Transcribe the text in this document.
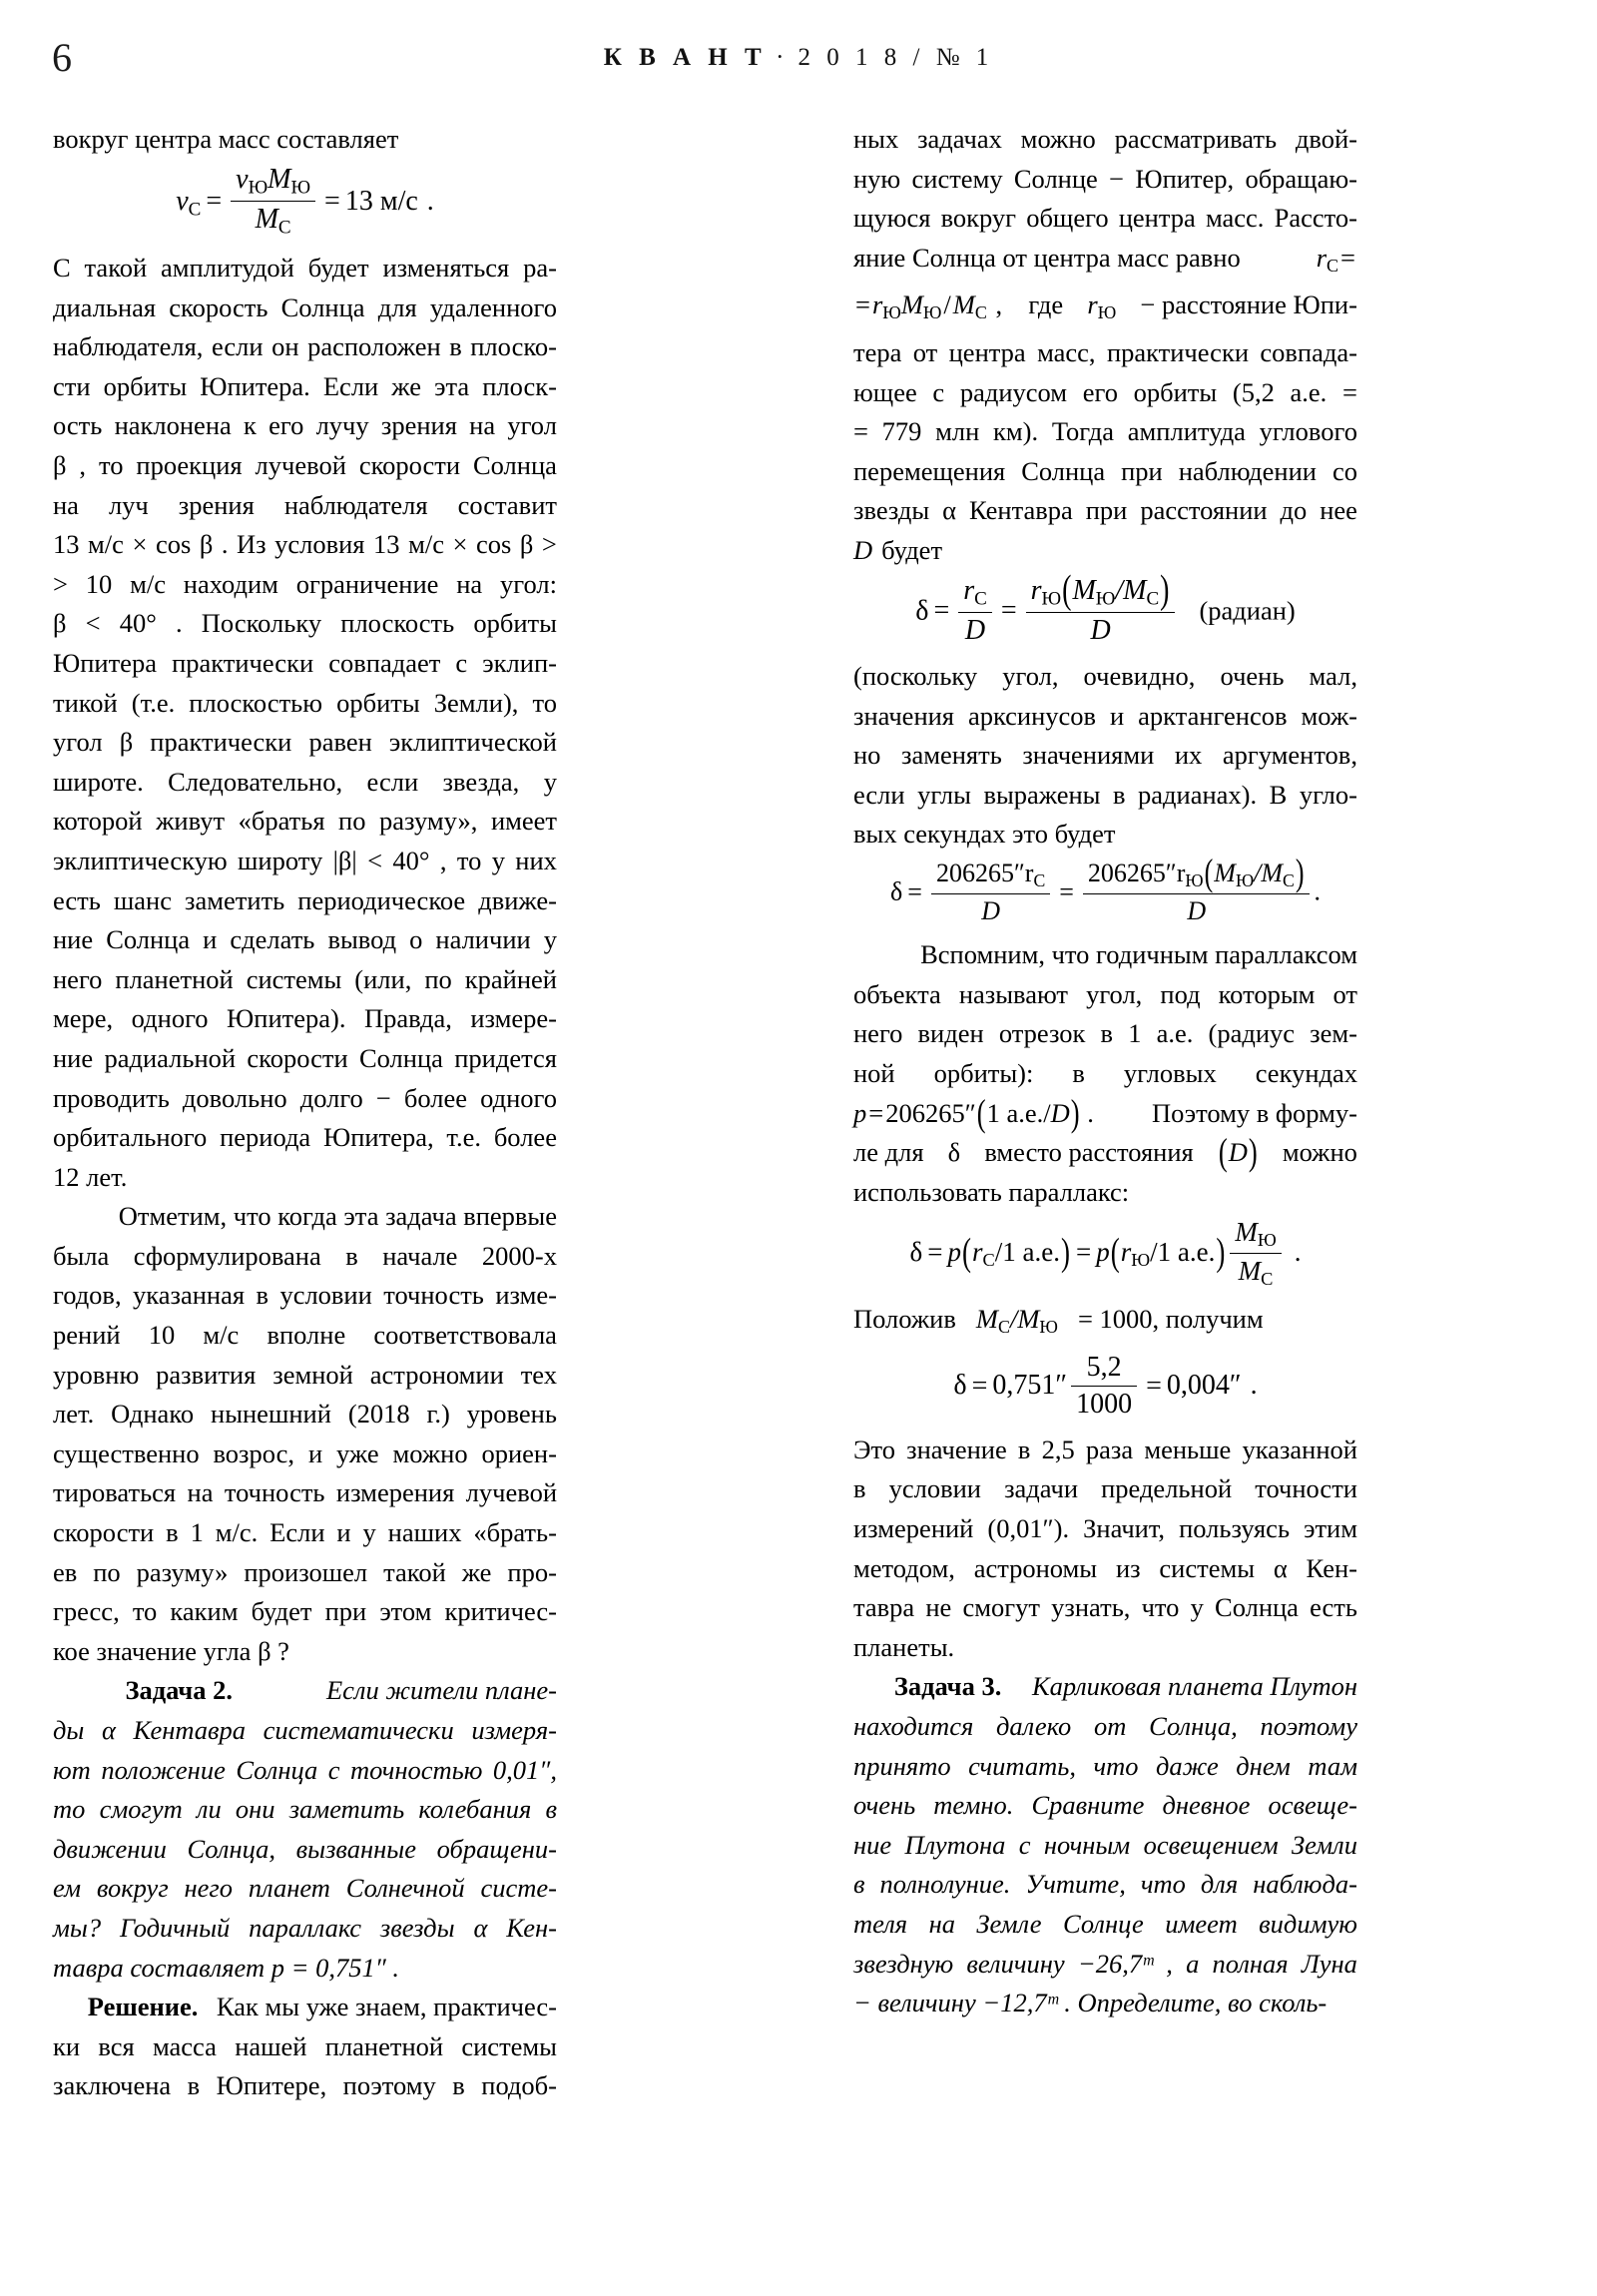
6	К В А Н Т · 2 0 1 8 / № 1

вокруг центра масс составляет

$v_C = \frac{v_ЮM_Ю}{M_C} = 13$ м/с .

С такой амплитудой будет изменяться ра-
диальная скорость Солнца для удаленного
наблюдателя, если он расположен в плоско-
сти орбиты Юпитера. Если же эта плоск-
ость наклонена к его лучу зрения на угол
β , то проекция лучевой скорости Солнца
на луч зрения наблюдателя составит
13 м/с × cos β . Из условия 13 м/с × cos β >
> 10 м/с находим ограничение на угол:
β < 40° . Поскольку плоскость орбиты
Юпитера практически совпадает с эклип-
тикой (т.е. плоскостью орбиты Земли), то
угол β практически равен эклиптической
широте. Следовательно, если звезда, у
которой живут «братья по разуму», имеет
эклиптическую широту |β| < 40° , то у них
есть шанс заметить периодическое движе-
ние Солнца и сделать вывод о наличии у
него планетной системы (или, по крайней
мере, одного Юпитера). Правда, измере-
ние радиальной скорости Солнца придется
проводить довольно долго − более одного
орбитального периода Юпитера, т.е. более
12 лет.

Отметим, что когда эта задача впервые
была сформулирована в начале 2000-х
годов, указанная в условии точность изме-
рений 10 м/с вполне соответствовала
уровню развития земной астрономии тех
лет. Однако нынешний (2018 г.) уровень
существенно возрос, и уже можно ориен-
тироваться на точность измерения лучевой
скорости в 1 м/с. Если и у наших «брать-
ев по разуму» произошел такой же про-
гресс, то каким будет при этом критичес-
кое значение угла β ?

Задача 2.	Если жители плане-
ды α Кентавра систематически измеря-
ют положение Солнца с точностью 0,01″,
то смогут ли они заметить колебания в
движении Солнца, вызванные обращени-
ем вокруг него планет Солнечной систе-
мы? Годичный параллакс звезды α Кен-
тавра составляет p = 0,751″ .

Решение. Как мы уже знаем, практичес-
ки вся масса нашей планетной системы
заключена в Юпитере, поэтому в подоб-

ных задачах можно рассматривать двой-
ную систему Солнце − Юпитер, обращаю-
щуюся вокруг общего центра масс. Рассто-
яние Солнца от центра масс равно	$r_C=$
$=r_ЮM_Ю/M_C$ , где $r_Ю$ − расстояние Юпи-
тера от центра масс, практически совпада-
ющее с радиусом его орбиты (5,2 а.е. =
= 779 млн км). Тогда амплитуда углового
перемещения Солнца при наблюдении со
звезды α Кентавра при расстоянии до нее
D будет

$\delta = \frac{r_C}{D} = \frac{r_Ю(M_Ю/M_C)}{D}$ (радиан)

(поскольку угол, очевидно, очень мал,
значения арксинусов и арктангенсов мож-
но заменять значениями их аргументов,
если углы выражены в радианах). В угло-
вых секундах это будет

$\delta = \frac{206265''r_C}{D} = \frac{206265''r_Ю(M_Ю/M_C)}{D}$ .

Вспомним, что годичным параллаксом
объекта называют угол, под которым от
него виден отрезок в 1 а.е. (радиус зем-
ной орбиты): в угловых секундах
p=206265″(1 а.е./D) . Поэтому в форму-
ле для δ вместо расстояния (D) можно
использовать параллакс:

$\delta = p(r_C/1$ $а.е.) = p(r_Ю/1$ $а.е.) \frac{M_Ю}{M_C}$ .

Положив $M_C/M_Ю = 1000$, получим

$\delta = 0,751'' \frac{5,2}{1000} = 0,004''$ .

Это значение в 2,5 раза меньше указанной
в условии задачи предельной точности
измерений (0,01″). Значит, пользуясь этим
методом, астрономы из системы α Кен-
тавра не смогут узнать, что у Солнца есть
планеты.

Задача 3. Карликовая планета Плутон
находится далеко от Солнца, поэтому
принято считать, что даже днем там
очень темно. Сравните дневное освеще-
ние Плутона с ночным освещением Земли
в полнолуние. Учтите, что для наблюда-
теля на Земле Солнце имеет видимую
звездную величину −26,7ᵐ , а полная Луна
− величину −12,7ᵐ . Определите, во сколь-
